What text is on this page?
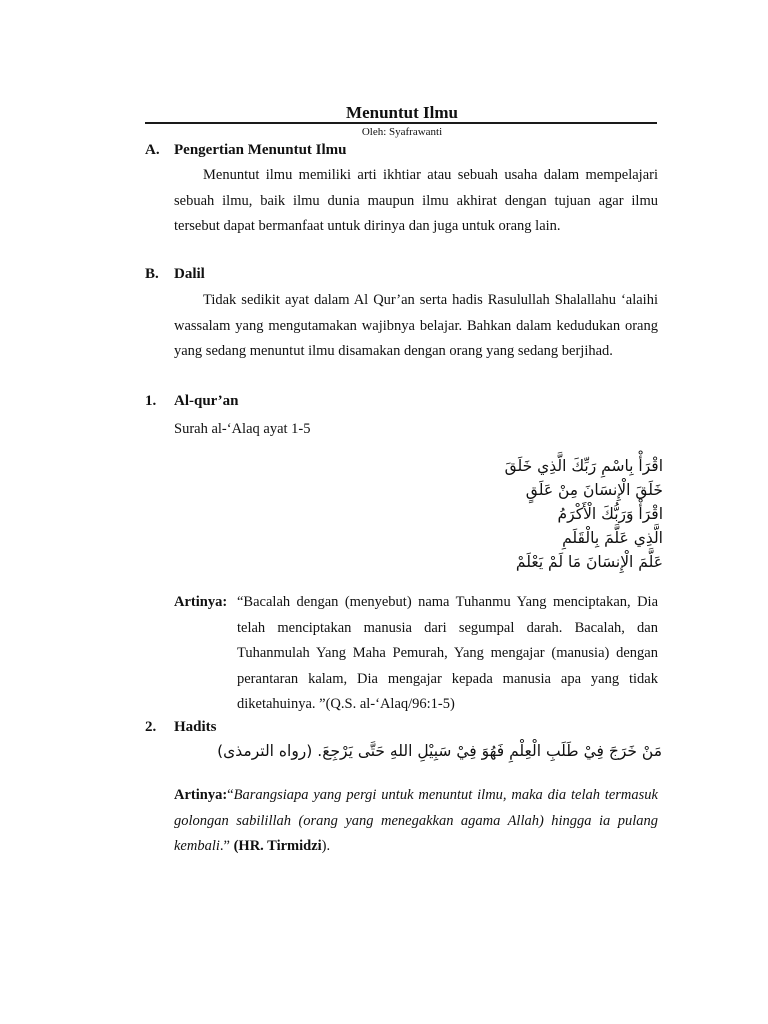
Menuntut Ilmu
Oleh: Syafrawanti
A. Pengertian Menuntut Ilmu
Menuntut ilmu memiliki arti ikhtiar atau sebuah usaha dalam mempelajari sebuah ilmu, baik ilmu dunia maupun ilmu akhirat dengan tujuan agar ilmu tersebut dapat bermanfaat untuk dirinya dan juga untuk orang lain.
B. Dalil
Tidak sedikit ayat dalam Al Qur’an serta hadis Rasulullah Shalallahu ‘alaihi wassalam yang mengutamakan wajibnya belajar. Bahkan dalam kedudukan orang yang sedang menuntut ilmu disamakan dengan orang yang sedang berjihad.
1. Al-qur’an
Surah al-‘Alaq ayat 1-5
اقْرَأْ بِاسْمِ رَبِّكَ الَّذِي خَلَقَ
خَلَقَ الْإِنسَانَ مِنْ عَلَقٍ
اقْرَأْ وَرَبُّكَ الْأَكْرَمُ
الَّذِي عَلَّمَ بِالْقَلَمِ
عَلَّمَ الْإِنسَانَ مَا لَمْ يَعْلَمْ
Artinya: “Bacalah dengan (menyebut) nama Tuhanmu Yang menciptakan, Dia telah menciptakan manusia dari segumpal darah. Bacalah, dan Tuhanmulah Yang Maha Pemurah, Yang mengajar (manusia) dengan perantaran kalam, Dia mengajar kepada manusia apa yang tidak diketahuinya. ”(Q.S. al-‘Alaq/96:1-5)
2. Hadits
مَنْ خَرَجَ فِيْ طَلَبِ الْعِلْمِ فَهُوَ فِيْ سَبِيْلِ اللهِ حَتَّى يَرْجِعَ. (رواه الترمذى)
Artinya:“Barangsiapa yang pergi untuk menuntut ilmu, maka dia telah termasuk golongan sabilillah (orang yang menegakkan agama Allah) hingga ia pulang kembali.” (HR. Tirmidzi).
